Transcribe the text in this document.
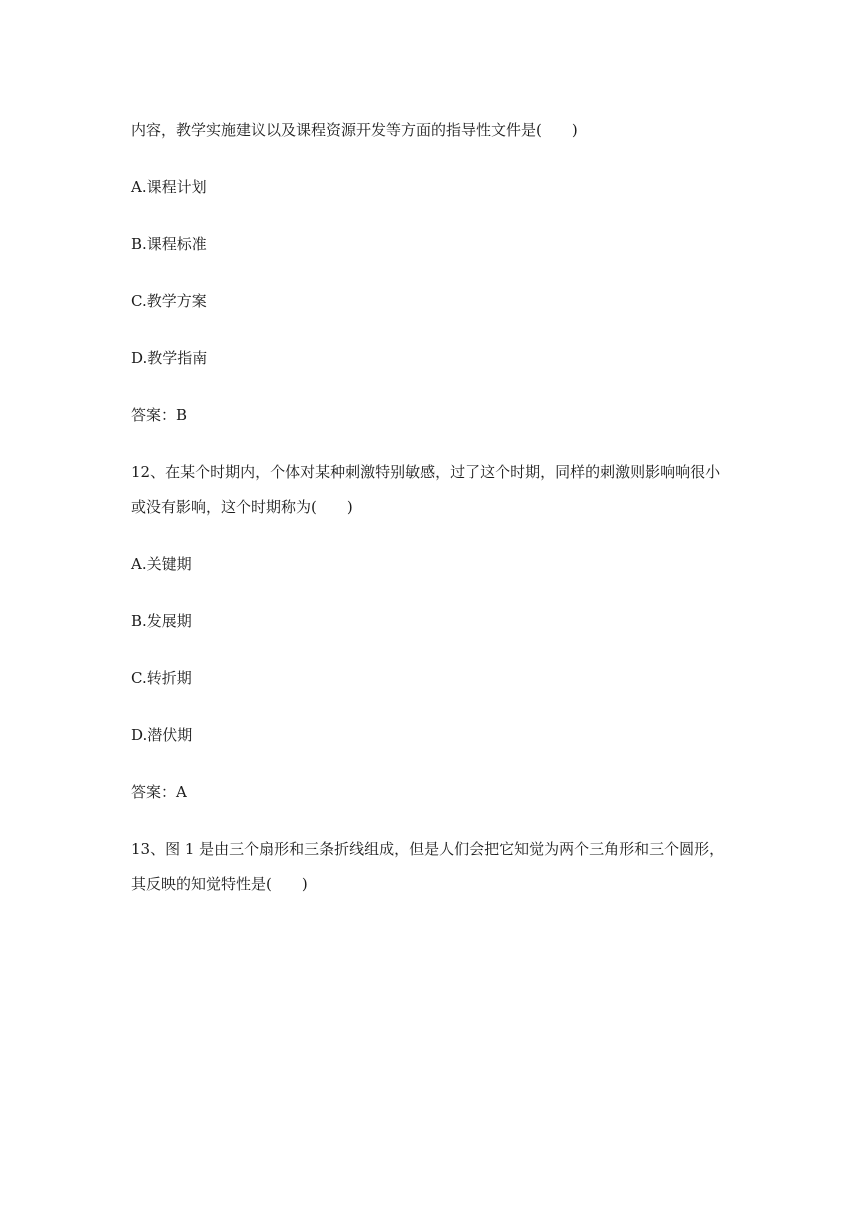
内容，教学实施建议以及课程资源开发等方面的指导性文件是(　　)
A.课程计划
B.课程标准
C.教学方案
D.教学指南
答案：B
12、在某个时期内，个体对某种刺激特别敏感，过了这个时期，同样的刺激则影响响很小
或没有影响，这个时期称为(　　)
A.关键期
B.发展期
C.转折期
D.潜伏期
答案：A
13、图 1 是由三个扇形和三条折线组成，但是人们会把它知觉为两个三角形和三个圆形，
其反映的知觉特性是(　　)
